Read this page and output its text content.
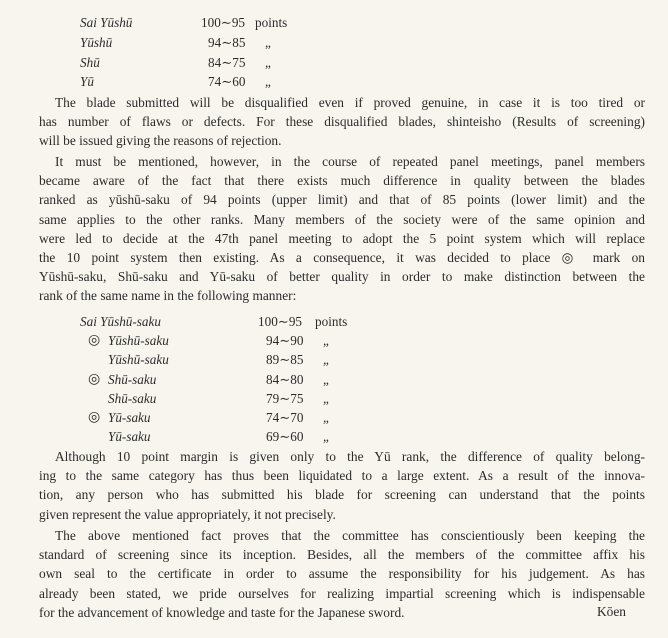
Sai Yūshū	100∼95 points
Yūshū	94∼85 „
Shū	84∼75 „
Yū	74∼60 „
The blade submitted will be disqualified even if proved genuine, in case it is too tired or
has number of flaws or defects. For these disqualified blades, shinteisho (Results of screening)
will be issued giving the reasons of rejection.
It must be mentioned, however, in the course of repeated panel meetings, panel members
became aware of the fact that there exists much difference in quality between the blades
ranked as yūshū-saku of 94 points (upper limit) and that of 85 points (lower limit) and the
same applies to the other ranks. Many members of the society were of the same opinion and
were led to decide at the 47th panel meeting to adopt the 5 point system which will replace
the 10 point system then existing. As a consequence, it was decided to place ◎ mark on
Yūshū-saku, Shū-saku and Yū-saku of better quality in order to make distinction between the
rank of the same name in the following manner:
Sai Yūshū-saku	100∼95 points
◎ Yūshū-saku	94∼90 „
Yūshū-saku	89∼85 „
◎ Shū-saku	84∼80 „
Shū-saku	79∼75 „
◎ Yū-saku	74∼70 „
Yū-saku	69∼60 „
Although 10 point margin is given only to the Yū rank, the difference of quality belong-
ing to the same category has thus been liquidated to a large extent. As a result of the innova-
tion, any person who has submitted his blade for screening can understand that the points
given represent the value appropriately, it not precisely.
The above mentioned fact proves that the committee has conscientiously been keeping the
standard of screening since its inception. Besides, all the members of the committee affix his
own seal to the certificate in order to assume the responsibility for his judgement. As has
already been stated, we pride ourselves for realizing impartial screening which is indispensable
for the advancement of knowledge and taste for the Japanese sword.	Kōen
